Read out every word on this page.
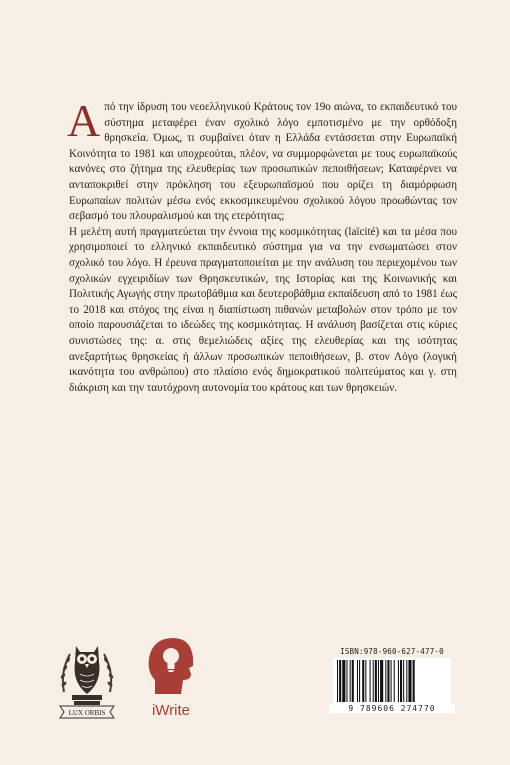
Από την ίδρυση του νεοελληνικού Κράτους τον 19ο αιώνα, το εκπαιδευτικό του σύστημα μεταφέρει έναν σχολικό λόγο εμποτισμένο με την ορθόδοξη θρησκεία. Όμως, τι συμβαίνει όταν η Ελλάδα εντάσσεται στην Ευρωπαϊκή Κοινότητα το 1981 και υποχρεούται, πλέον, να συμμορφώνεται με τους ευρωπαϊκούς κανόνες στο ζήτημα της ελευθερίας των προσωπικών πεποιθήσεων; Καταφέρνει να ανταποκριθεί στην πρόκληση του εξευρωπαϊσμού που ορίζει τη διαμόρφωση Ευρωπαίων πολιτών μέσω ενός εκκοσμικευμένου σχολικού λόγου προωθώντας τον σεβασμό του πλουραλισμού και της ετερότητας;

Η μελέτη αυτή πραγματεύεται την έννοια της κοσμικότητας (laïcité) και τα μέσα που χρησιμοποιεί το ελληνικό εκπαιδευτικό σύστημα για να την ενσωματώσει στον σχολικό του λόγο. Η έρευνα πραγματοποιείται με την ανάλυση του περιεχομένου των σχολικών εγχειριδίων των Θρησκευτικών, της Ιστορίας και της Κοινωνικής και Πολιτικής Αγωγής στην πρωτοβάθμια και δευτεροβάθμια εκπαίδευση από το 1981 έως το 2018 και στόχος της είναι η διαπίστωση πιθανών μεταβολών στον τρόπο με τον οποίο παρουσιάζεται το ιδεώδες της κοσμικότητας. Η ανάλυση βασίζεται στις κύριες συνιστώσες της: α. στις θεμελιώδεις αξίες της ελευθερίας και της ισότητας ανεξαρτήτως θρησκείας ή άλλων προσωπικών πεποιθήσεων, β. στον Λόγο (λογική ικανότητα του ανθρώπου) στο πλαίσιο ενός δημοκρατικού πολιτεύματος και γ. στη διάκριση και την ταυτόχρονη αυτονομία του κράτους και των θρησκειών.

LUX ORBIS	iWrite
ISBN:978-960-627-477-0
9 789606 274770
